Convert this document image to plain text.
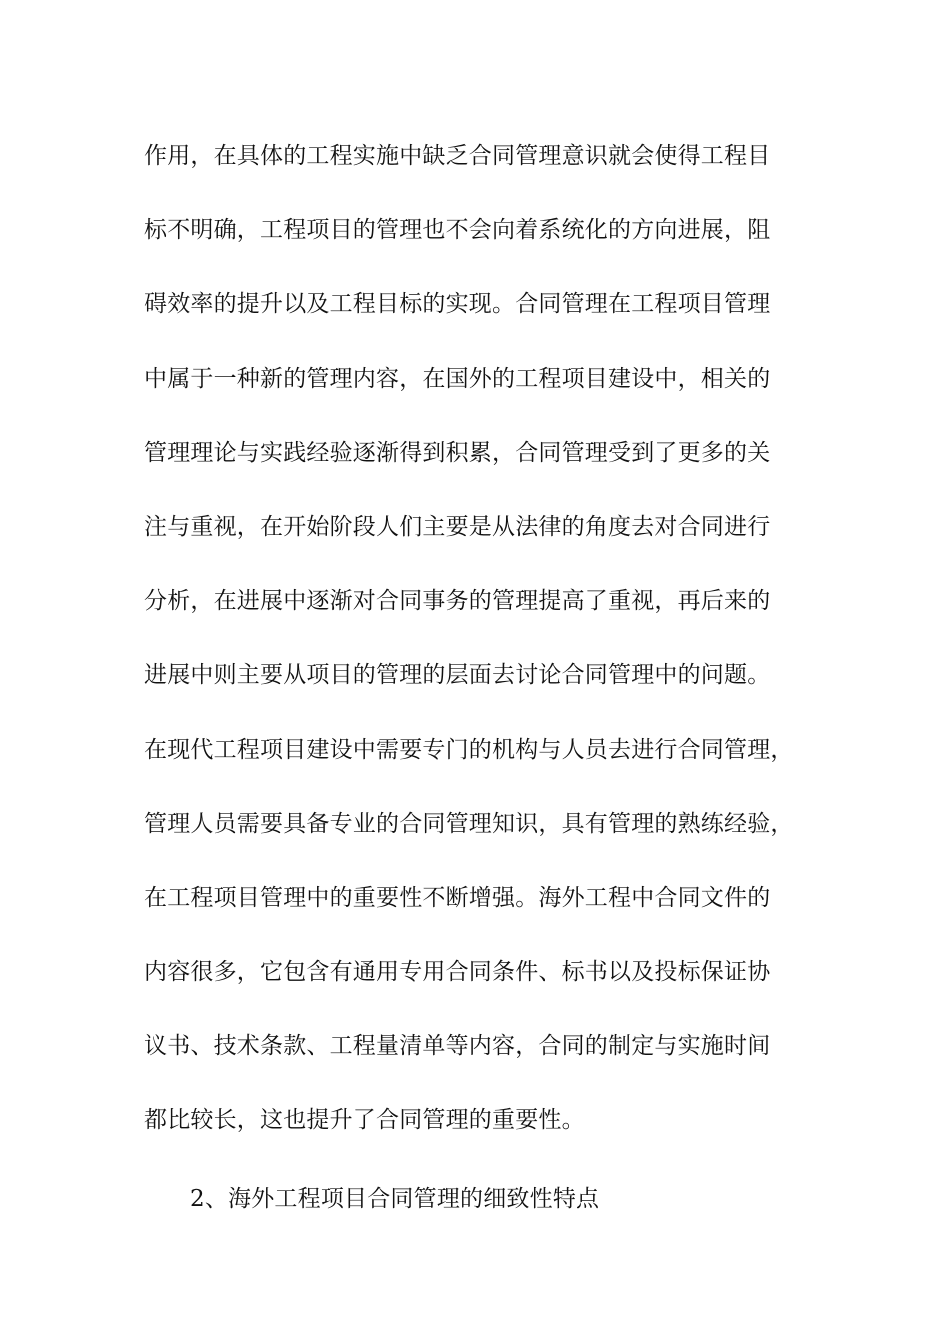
作用，在具体的工程实施中缺乏合同管理意识就会使得工程目
标不明确，工程项目的管理也不会向着系统化的方向进展，阻
碍效率的提升以及工程目标的实现。合同管理在工程项目管理
中属于一种新的管理内容，在国外的工程项目建设中，相关的
管理理论与实践经验逐渐得到积累，合同管理受到了更多的关
注与重视，在开始阶段人们主要是从法律的角度去对合同进行
分析，在进展中逐渐对合同事务的管理提高了重视，再后来的
进展中则主要从项目的管理的层面去讨论合同管理中的问题。
在现代工程项目建设中需要专门的机构与人员去进行合同管理，
管理人员需要具备专业的合同管理知识，具有管理的熟练经验，
在工程项目管理中的重要性不断增强。海外工程中合同文件的
内容很多，它包含有通用专用合同条件、标书以及投标保证协
议书、技术条款、工程量清单等内容，合同的制定与实施时间
都比较长，这也提升了合同管理的重要性。
2、海外工程项目合同管理的细致性特点
